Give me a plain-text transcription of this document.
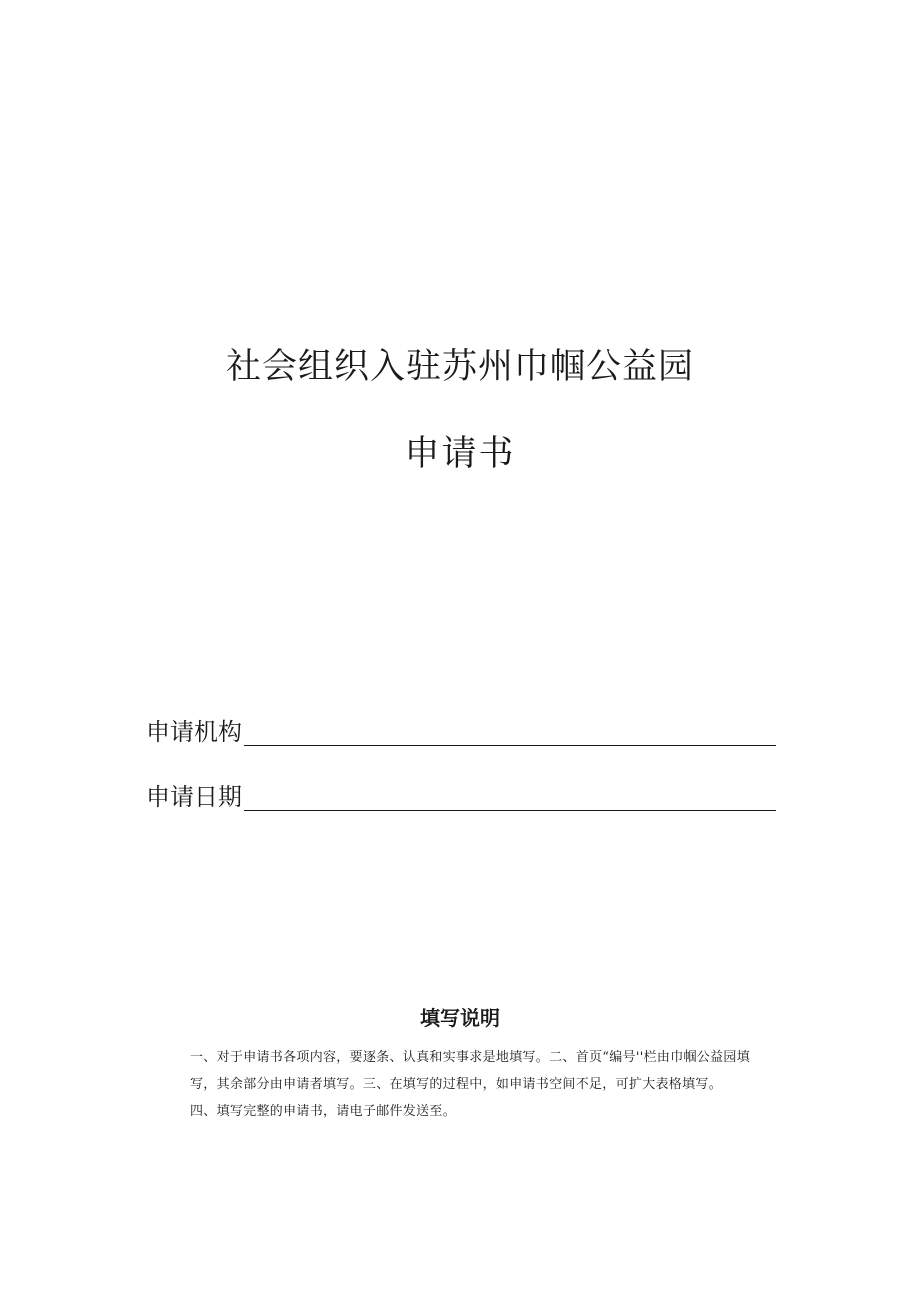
社会组织入驻苏州巾帼公益园
申请书
申请机构
申请日期
填写说明
一、对于申请书各项内容，要逐条、认真和实事求是地填写。二、首页“编号''栏由巾帼公益园填
写，其余部分由申请者填写。三、在填写的过程中，如申请书空间不足，可扩大表格填写。
四、填写完整的申请书，请电子邮件发送至。
